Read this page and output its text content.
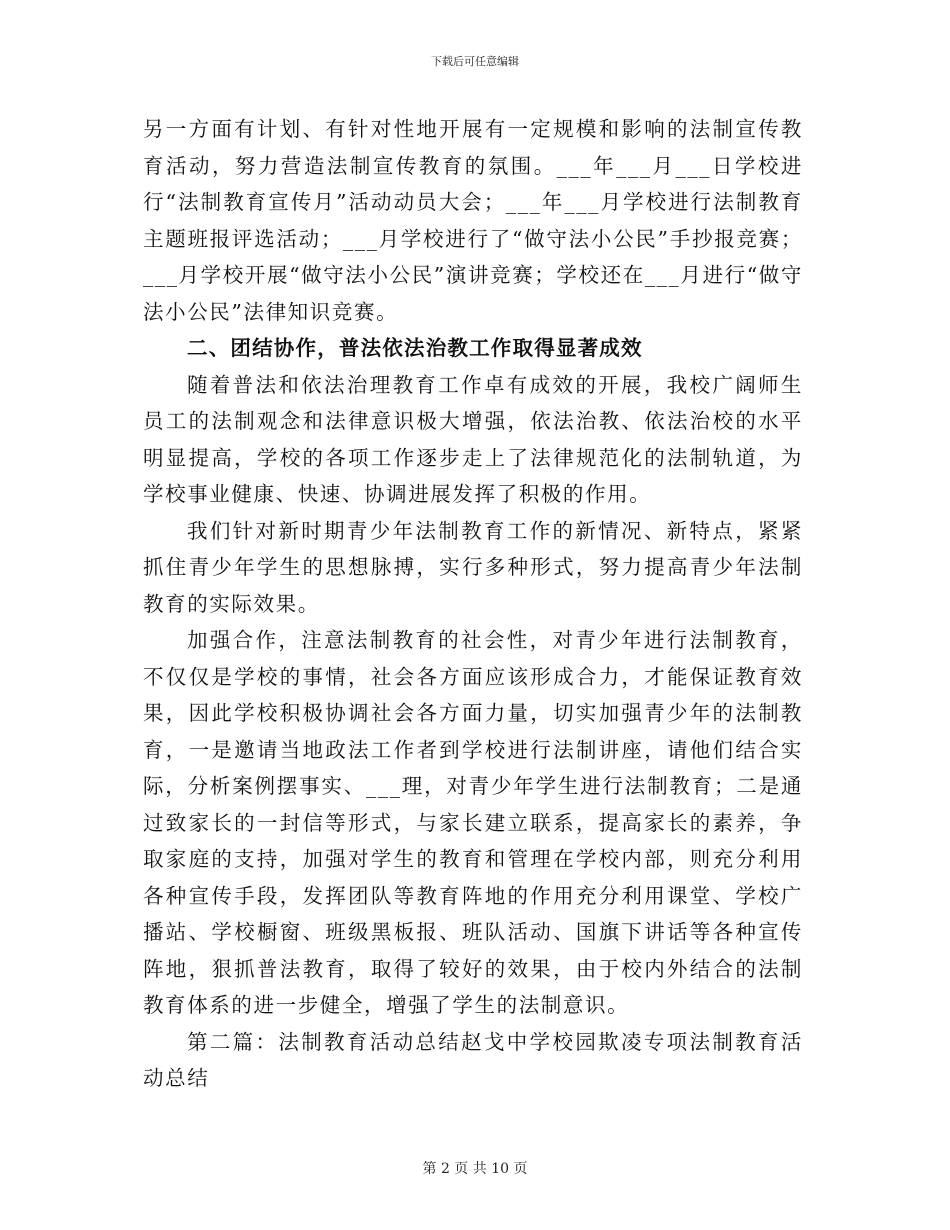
下载后可任意编辑

另一方面有计划、有针对性地开展有一定规模和影响的法制宣传教育活动，努力营造法制宣传教育的氛围。___年___月___日学校进行“法制教育宣传月”活动动员大会；___年___月学校进行法制教育主题班报评选活动；___月学校进行了“做守法小公民”手抄报竞赛；___月学校开展“做守法小公民”演讲竞赛；学校还在___月进行“做守法小公民”法律知识竞赛。

二、团结协作，普法依法治教工作取得显著成效

随着普法和依法治理教育工作卓有成效的开展，我校广阔师生员工的法制观念和法律意识极大增强，依法治教、依法治校的水平明显提高，学校的各项工作逐步走上了法律规范化的法制轨道，为学校事业健康、快速、协调进展发挥了积极的作用。

我们针对新时期青少年法制教育工作的新情况、新特点，紧紧抓住青少年学生的思想脉搏，实行多种形式，努力提高青少年法制教育的实际效果。

加强合作，注意法制教育的社会性，对青少年进行法制教育，不仅仅是学校的事情，社会各方面应该形成合力，才能保证教育效果，因此学校积极协调社会各方面力量，切实加强青少年的法制教育，一是邀请当地政法工作者到学校进行法制讲座，请他们结合实际，分析案例摆事实、___理，对青少年学生进行法制教育；二是通过致家长的一封信等形式，与家长建立联系，提高家长的素养，争取家庭的支持，加强对学生的教育和管理在学校内部，则充分利用各种宣传手段，发挥团队等教育阵地的作用充分利用课堂、学校广播站、学校橱窗、班级黑板报、班队活动、国旗下讲话等各种宣传阵地，狠抓普法教育，取得了较好的效果，由于校内外结合的法制教育体系的进一步健全，增强了学生的法制意识。

第二篇：法制教育活动总结赵戈中学校园欺凌专项法制教育活动总结

第 2 页 共 10 页
